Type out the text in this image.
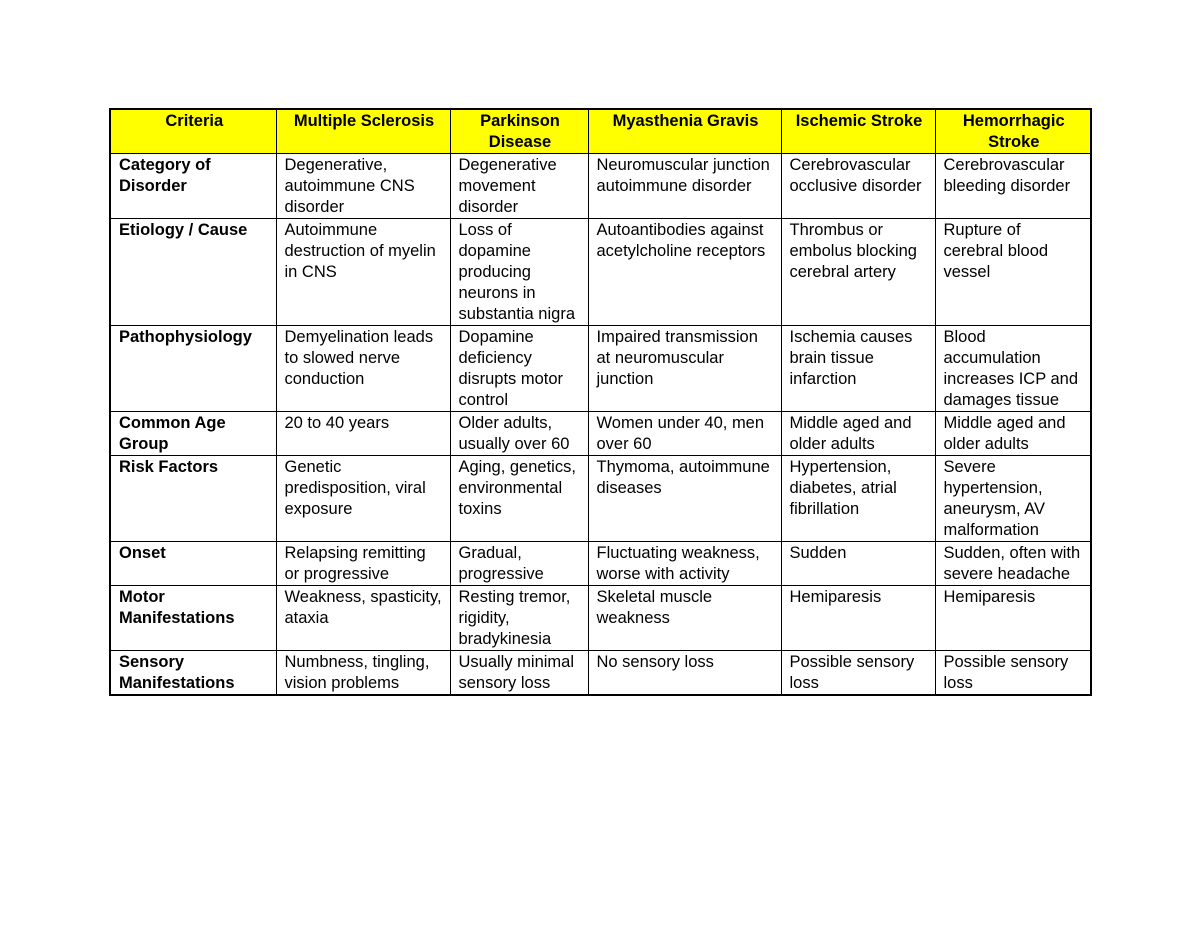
Criteria	Multiple Sclerosis	Parkinson Disease	Myasthenia Gravis	Ischemic Stroke	Hemorrhagic Stroke
Category of Disorder	Degenerative, autoimmune CNS disorder	Degenerative movement disorder	Neuromuscular junction autoimmune disorder	Cerebrovascular occlusive disorder	Cerebrovascular bleeding disorder
Etiology / Cause	Autoimmune destruction of myelin in CNS	Loss of dopamine producing neurons in substantia nigra	Autoantibodies against acetylcholine receptors	Thrombus or embolus blocking cerebral artery	Rupture of cerebral blood vessel
Pathophysiology	Demyelination leads to slowed nerve conduction	Dopamine deficiency disrupts motor control	Impaired transmission at neuromuscular junction	Ischemia causes brain tissue infarction	Blood accumulation increases ICP and damages tissue
Common Age Group	20 to 40 years	Older adults, usually over 60	Women under 40, men over 60	Middle aged and older adults	Middle aged and older adults
Risk Factors	Genetic predisposition, viral exposure	Aging, genetics, environmental toxins	Thymoma, autoimmune diseases	Hypertension, diabetes, atrial fibrillation	Severe hypertension, aneurysm, AV malformation
Onset	Relapsing remitting or progressive	Gradual, progressive	Fluctuating weakness, worse with activity	Sudden	Sudden, often with severe headache
Motor Manifestations	Weakness, spasticity, ataxia	Resting tremor, rigidity, bradykinesia	Skeletal muscle weakness	Hemiparesis	Hemiparesis
Sensory Manifestations	Numbness, tingling, vision problems	Usually minimal sensory loss	No sensory loss	Possible sensory loss	Possible sensory loss
